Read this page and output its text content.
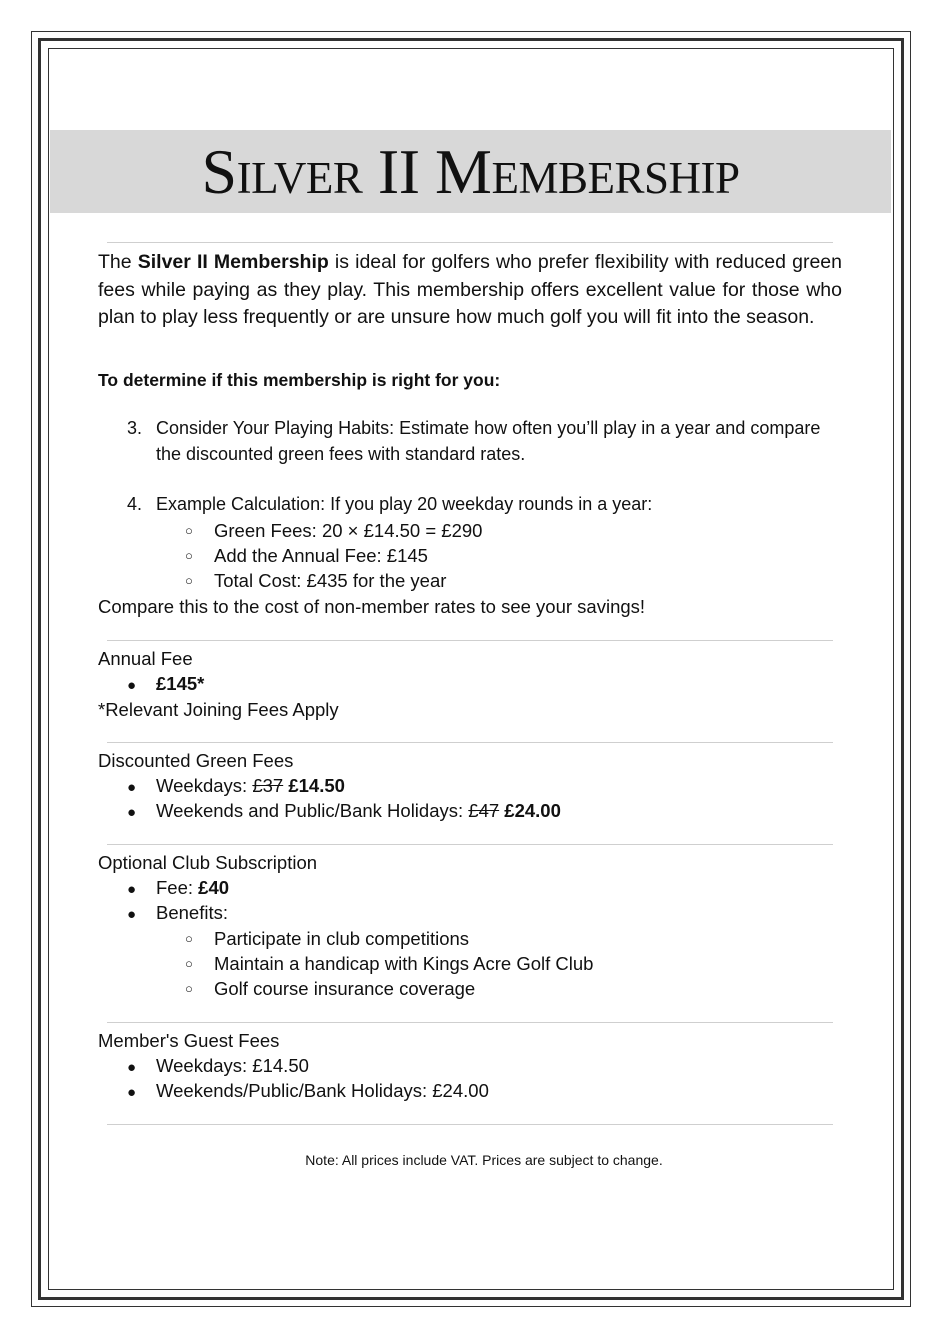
Silver II Membership

The Silver II Membership is ideal for golfers who prefer flexibility with reduced green fees while paying as they play. This membership offers excellent value for those who plan to play less frequently or are unsure how much golf you will fit into the season.

To determine if this membership is right for you:

3. Consider Your Playing Habits: Estimate how often you’ll play in a year and compare the discounted green fees with standard rates.
4. Example Calculation: If you play 20 weekday rounds in a year:
○ Green Fees: 20 × £14.50 = £290
○ Add the Annual Fee: £145
○ Total Cost: £435 for the year
Compare this to the cost of non-member rates to see your savings!
Annual Fee
● £145*
*Relevant Joining Fees Apply
Discounted Green Fees
● Weekdays: £37 £14.50
● Weekends and Public/Bank Holidays: £47 £24.00
Optional Club Subscription
● Fee: £40
● Benefits:
○ Participate in club competitions
○ Maintain a handicap with Kings Acre Golf Club
○ Golf course insurance coverage
Member's Guest Fees
● Weekdays: £14.50
● Weekends/Public/Bank Holidays: £24.00
Note: All prices include VAT. Prices are subject to change.
